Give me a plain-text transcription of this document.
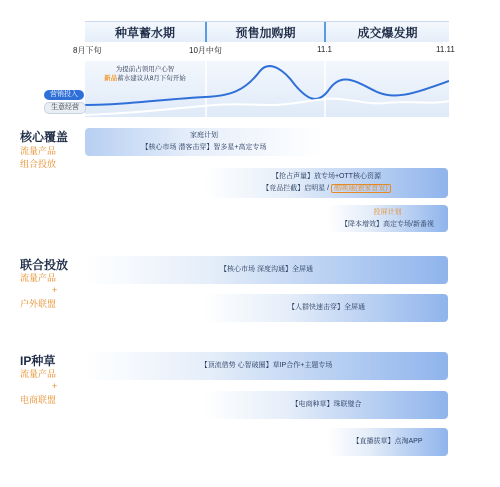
种草蓄水期	预售加购期	成交爆发期
8月下旬	10月中旬	11.1	11.11
为提前占领用户心智
新品蓄水建议从8月下旬开始
营销投入
生意经营
核心覆盖
流量产品
组合投放
家庭计划
【核心市场 潜客击穿】智多星+高定专场
【抢占声量】放专场+OTT核心资源
【竞品拦截】启明星 / 酷映通(独家首发)
投屏计划
【降本增效】高定专场/新番视
联合投放
流量产品
+
户外联盟
【核心市场 深度沟通】全屏通
【人群快速击穿】全屏通
IP种草
流量产品
+
电商联盟
【顶流借势 心智破圈】草IP合作+主题专场
【电商种草】珠联璧合
【直播拔草】点淘APP
